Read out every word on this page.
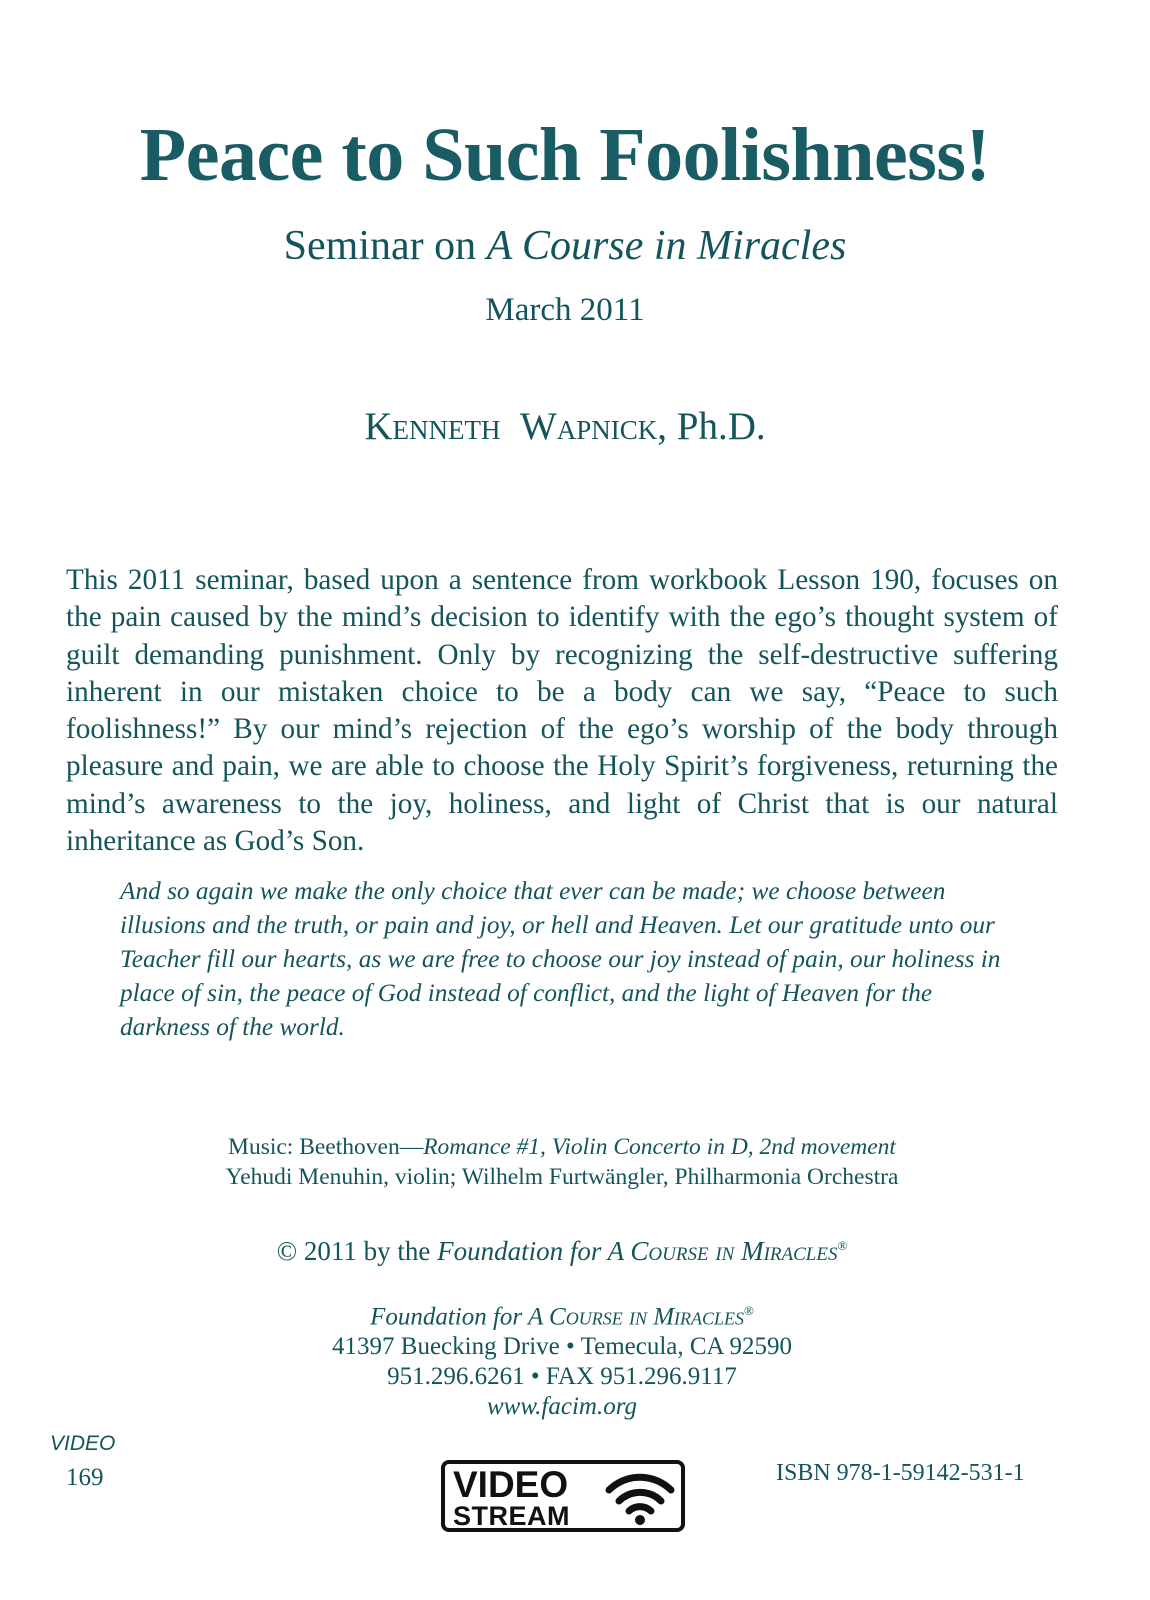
Peace to Such Foolishness!
Seminar on A Course in Miracles
March 2011
Kenneth Wapnick, Ph.D.
This 2011 seminar, based upon a sentence from workbook Lesson 190, focuses on the pain caused by the mind’s decision to identify with the ego’s thought system of guilt demanding punishment. Only by recognizing the self-destructive suffering inherent in our mistaken choice to be a body can we say, “Peace to such foolishness!” By our mind’s rejection of the ego’s worship of the body through pleasure and pain, we are able to choose the Holy Spirit’s forgiveness, returning the mind’s awareness to the joy, holiness, and light of Christ that is our natural inheritance as God’s Son.
And so again we make the only choice that ever can be made; we choose between illusions and the truth, or pain and joy, or hell and Heaven. Let our gratitude unto our Teacher fill our hearts, as we are free to choose our joy instead of pain, our holiness in place of sin, the peace of God instead of conflict, and the light of Heaven for the darkness of the world.
Music: Beethoven—Romance #1, Violin Concerto in D, 2nd movement
Yehudi Menuhin, violin; Wilhelm Furtwängler, Philharmonia Orchestra
© 2011 by the Foundation for A Course in Miracles®
Foundation for A Course in Miracles®
41397 Buecking Drive • Temecula, CA 92590
951.296.6261 • FAX 951.296.9117
www.facim.org
VIDEO
169	VIDEO
STREAM
ISBN 978-1-59142-531-1
